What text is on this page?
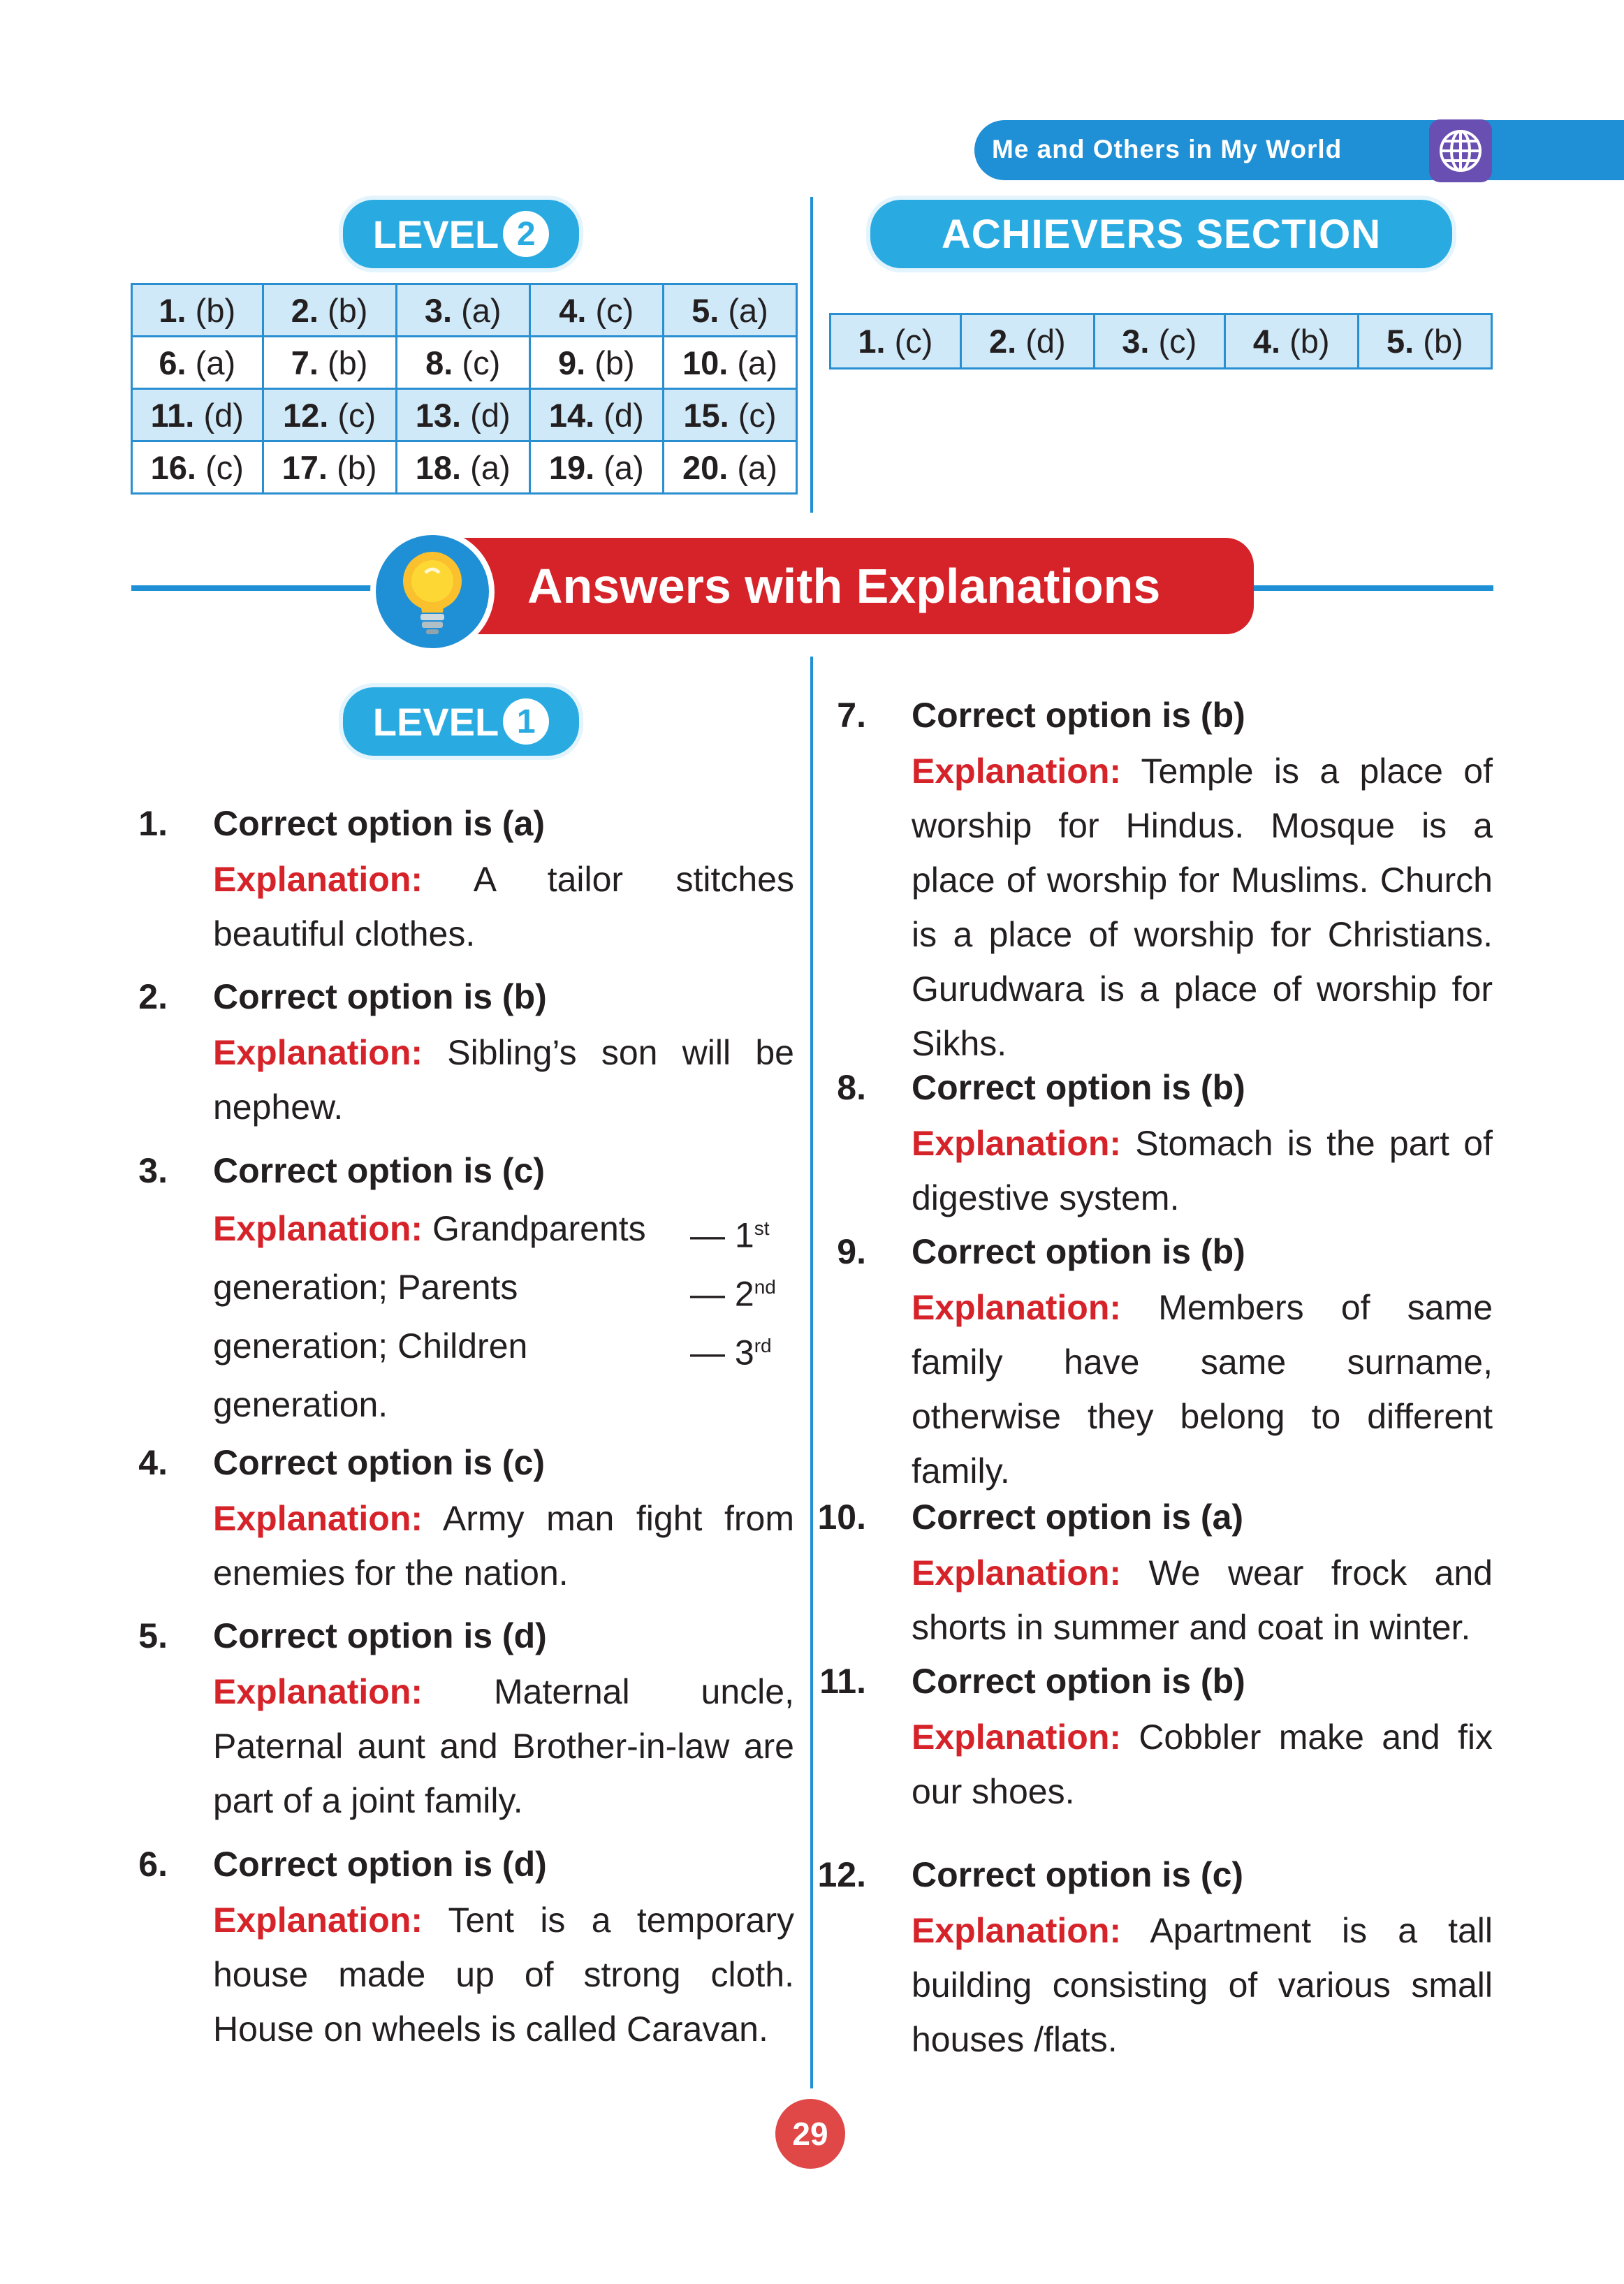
Me and Others in My World
LEVEL 2
1. (b)	2. (b)	3. (a)	4. (c)	5. (a)
6. (a)	7. (b)	8. (c)	9. (b)	10. (a)
11. (d)	12. (c)	13. (d)	14. (d)	15. (c)
16. (c)	17. (b)	18. (a)	19. (a)	20. (a)
ACHIEVERS SECTION
1. (c)	2. (d)	3. (c)	4. (b)	5. (b)
Answers with Explanations
LEVEL 1
1. Correct option is (a)
Explanation: A tailor stitches beautiful clothes.
2. Correct option is (b)
Explanation: Sibling’s son will be nephew.
3. Correct option is (c)
Explanation: Grandparents — 1st
generation; Parents	— 2nd
generation; Children	— 3rd
generation.
4. Correct option is (c)
Explanation: Army man fight from enemies for the nation.
5. Correct option is (d)
Explanation: Maternal uncle, Paternal aunt and Brother-in-law are part of a joint family.
6. Correct option is (d)
Explanation: Tent is a temporary house made up of strong cloth. House on wheels is called Caravan.
7. Correct option is (b)
Explanation: Temple is a place of worship for Hindus. Mosque is a place of worship for Muslims. Church is a place of worship for Christians. Gurudwara is a place of worship for Sikhs.
8. Correct option is (b)
Explanation: Stomach is the part of digestive system.
9. Correct option is (b)
Explanation: Members of same family have same surname, otherwise they belong to different family.
10. Correct option is (a)
Explanation: We wear frock and shorts in summer and coat in winter.
11. Correct option is (b)
Explanation: Cobbler make and fix our shoes.
12. Correct option is (c)
Explanation: Apartment is a tall building consisting of various small houses /flats.
29
